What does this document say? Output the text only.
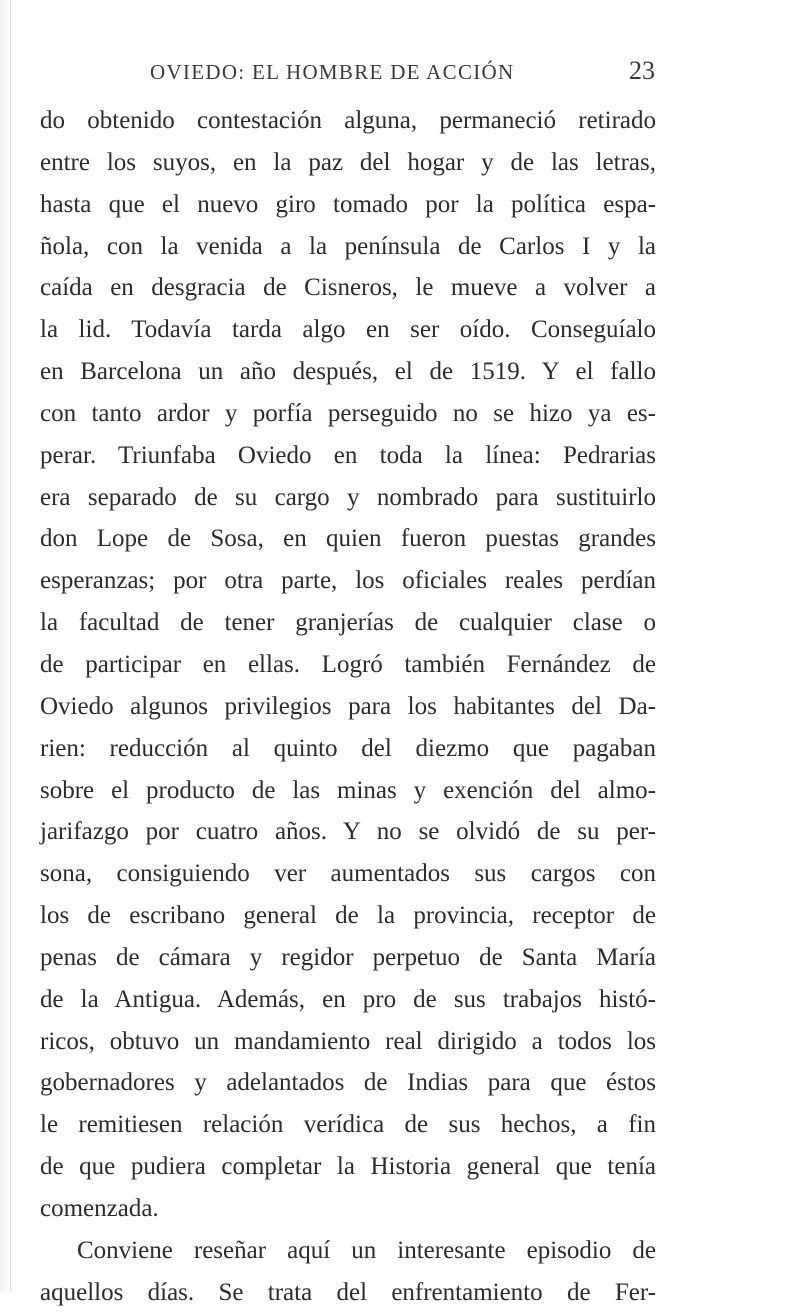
OVIEDO: EL HOMBRE DE ACCIÓN	23
do obtenido contestación alguna, permaneció retirado
entre los suyos, en la paz del hogar y de las letras,
hasta que el nuevo giro tomado por la política espa-
ñola, con la venida a la península de Carlos I y la
caída en desgracia de Cisneros, le mueve a volver a
la lid. Todavía tarda algo en ser oído. Conseguíalo
en Barcelona un año después, el de 1519. Y el fallo
con tanto ardor y porfía perseguido no se hizo ya es-
perar. Triunfaba Oviedo en toda la línea: Pedrarias
era separado de su cargo y nombrado para sustituirlo
don Lope de Sosa, en quien fueron puestas grandes
esperanzas; por otra parte, los oficiales reales perdían
la facultad de tener granjerías de cualquier clase o
de participar en ellas. Logró también Fernández de
Oviedo algunos privilegios para los habitantes del Da-
rien: reducción al quinto del diezmo que pagaban
sobre el producto de las minas y exención del almo-
jarifazgo por cuatro años. Y no se olvidó de su per-
sona, consiguiendo ver aumentados sus cargos con
los de escribano general de la provincia, receptor de
penas de cámara y regidor perpetuo de Santa María
de la Antigua. Además, en pro de sus trabajos histó-
ricos, obtuvo un mandamiento real dirigido a todos los
gobernadores y adelantados de Indias para que éstos
le remitiesen relación verídica de sus hechos, a fin
de que pudiera completar la Historia general que tenía
comenzada.
Conviene reseñar aquí un interesante episodio de
aquellos días. Se trata del enfrentamiento de Fer-
